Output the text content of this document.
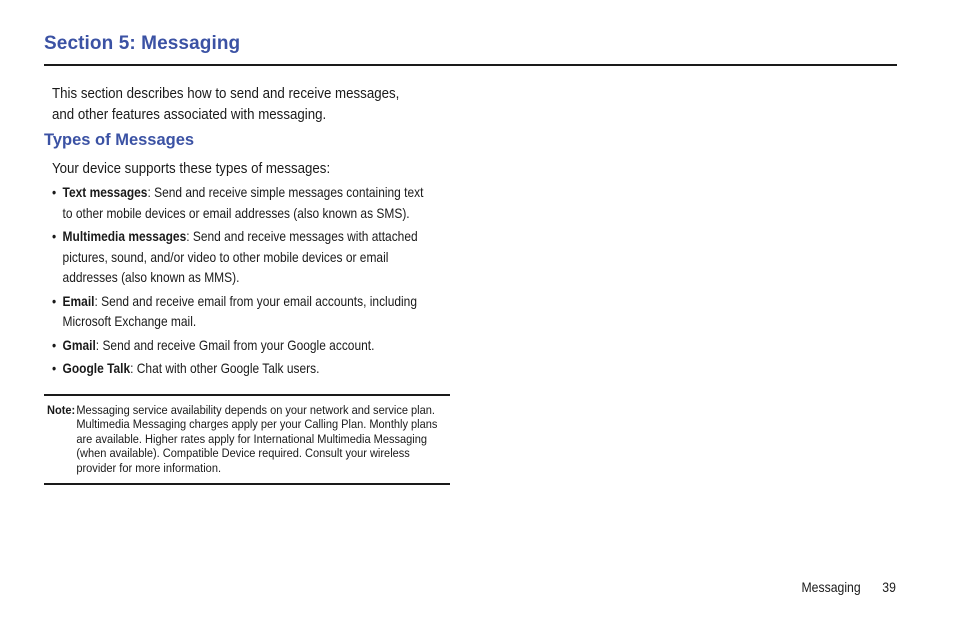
Section 5: Messaging

This section describes how to send and receive messages, and other features associated with messaging.

Types of Messages

Your device supports these types of messages:

• Text messages: Send and receive simple messages containing text to other mobile devices or email addresses (also known as SMS).
• Multimedia messages: Send and receive messages with attached pictures, sound, and/or video to other mobile devices or email addresses (also known as MMS).
• Email: Send and receive email from your email accounts, including Microsoft Exchange mail.
• Gmail: Send and receive Gmail from your Google account.
• Google Talk: Chat with other Google Talk users.
Note: Messaging service availability depends on your network and service plan. Multimedia Messaging charges apply per your Calling Plan. Monthly plans are available. Higher rates apply for International Multimedia Messaging (when available). Compatible Device required. Consult your wireless provider for more information.
Messaging 39
